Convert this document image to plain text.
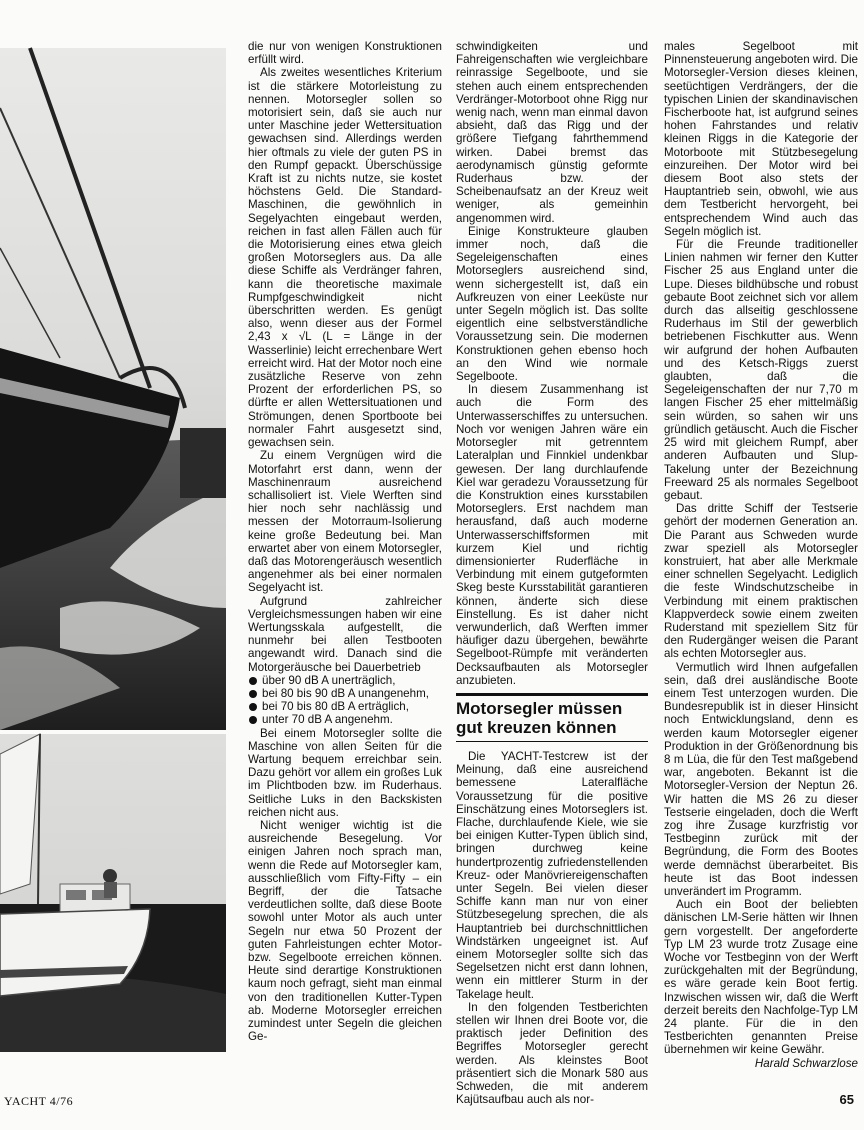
die nur von wenigen Konstruktionen erfüllt wird.

Als zweites wesentliches Kriterium ist die stärkere Motorleistung zu nennen. Motorsegler sollen so motorisiert sein, daß sie auch nur unter Maschine jeder Wettersituation gewachsen sind. Allerdings werden hier oftmals zu viele der guten PS in den Rumpf gepackt. Überschüssige Kraft ist zu nichts nutze, sie kostet höchstens Geld. Die Standard-Maschinen, die gewöhnlich in Segelyachten eingebaut werden, reichen in fast allen Fällen auch für die Motorisierung eines etwa gleich großen Motorseglers aus. Da alle diese Schiffe als Verdränger fahren, kann die theoretische maximale Rumpfgeschwindigkeit nicht überschritten werden. Es genügt also, wenn dieser aus der Formel 2,43 x √L (L = Länge in der Wasserlinie) leicht errechenbare Wert erreicht wird. Hat der Motor noch eine zusätzliche Reserve von zehn Prozent der erforderlichen PS, so dürfte er allen Wettersituationen und Strömungen, denen Sportboote bei normaler Fahrt ausgesetzt sind, gewachsen sein.

Zu einem Vergnügen wird die Motorfahrt erst dann, wenn der Maschinenraum ausreichend schallisoliert ist. Viele Werften sind hier noch sehr nachlässig und messen der Motorraum-Isolierung keine große Bedeutung bei. Man erwartet aber von einem Motorsegler, daß das Motorengeräusch wesentlich angenehmer als bei einer normalen Segelyacht ist.

Aufgrund zahlreicher Vergleichsmessungen haben wir eine Wertungsskala aufgestellt, die nunmehr bei allen Testbooten angewandt wird. Danach sind die Motorgeräusche bei Dauerbetrieb

über 90 dB A unerträglich,
bei 80 bis 90 dB A unangenehm,
bei 70 bis 80 dB A erträglich,
unter 70 dB A angenehm.

Bei einem Motorsegler sollte die Maschine von allen Seiten für die Wartung bequem erreichbar sein. Dazu gehört vor allem ein großes Luk im Plichtboden bzw. im Ruderhaus. Seitliche Luks in den Backskisten reichen nicht aus.

Nicht weniger wichtig ist die ausreichende Besegelung. Vor einigen Jahren noch sprach man, wenn die Rede auf Motorsegler kam, ausschließlich vom Fifty-Fifty – ein Begriff, der die Tatsache verdeutlichen sollte, daß diese Boote sowohl unter Motor als auch unter Segeln nur etwa 50 Prozent der guten Fahrleistungen echter Motor- bzw. Segelboote erreichen können. Heute sind derartige Konstruktionen kaum noch gefragt, sieht man einmal von den traditionellen Kutter-Typen ab. Moderne Motorsegler erreichen zumindest unter Segeln die gleichen Ge-

schwindigkeiten und Fahreigenschaften wie vergleichbare reinrassige Segelboote, und sie stehen auch einem entsprechenden Verdränger-Motorboot ohne Rigg nur wenig nach, wenn man einmal davon absieht, daß das Rigg und der größere Tiefgang fahrthemmend wirken. Dabei bremst das aerodynamisch günstig geformte Ruderhaus bzw. der Scheibenaufsatz an der Kreuz weit weniger, als gemeinhin angenommen wird.

Einige Konstrukteure glauben immer noch, daß die Segeleigenschaften eines Motorseglers ausreichend sind, wenn sichergestellt ist, daß ein Aufkreuzen von einer Leeküste nur unter Segeln möglich ist. Das sollte eigentlich eine selbstverständliche Voraussetzung sein. Die modernen Konstruktionen gehen ebenso hoch an den Wind wie normale Segelboote.

In diesem Zusammenhang ist auch die Form des Unterwasserschiffes zu untersuchen. Noch vor wenigen Jahren wäre ein Motorsegler mit getrenntem Lateralplan und Finnkiel undenkbar gewesen. Der lang durchlaufende Kiel war geradezu Voraussetzung für die Konstruktion eines kursstabilen Motorseglers. Erst nachdem man herausfand, daß auch moderne Unterwasserschiffsformen mit kurzem Kiel und richtig dimensionierter Ruderfläche in Verbindung mit einem gutgeformten Skeg beste Kursstabilität garantieren können, änderte sich diese Einstellung. Es ist daher nicht verwunderlich, daß Werften immer häufiger dazu übergehen, bewährte Segelboot-Rümpfe mit veränderten Decksaufbauten als Motorsegler anzubieten.

Motorsegler müssen gut kreuzen können

Die YACHT-Testcrew ist der Meinung, daß eine ausreichend bemessene Lateralfläche Voraussetzung für die positive Einschätzung eines Motorseglers ist. Flache, durchlaufende Kiele, wie sie bei einigen Kutter-Typen üblich sind, bringen durchweg keine hundertprozentig zufriedenstellenden Kreuz- oder Manövriereigenschaften unter Segeln. Bei vielen dieser Schiffe kann man nur von einer Stützbesegelung sprechen, die als Hauptantrieb bei durchschnittlichen Windstärken ungeeignet ist. Auf einem Motorsegler sollte sich das Segelsetzen nicht erst dann lohnen, wenn ein mittlerer Sturm in der Takelage heult.

In den folgenden Testberichten stellen wir Ihnen drei Boote vor, die praktisch jeder Definition des Begriffes Motorsegler gerecht werden. Als kleinstes Boot präsentiert sich die Monark 580 aus Schweden, die mit anderem Kajütsaufbau auch als nor-

males Segelboot mit Pinnensteuerung angeboten wird. Die Motorsegler-Version dieses kleinen, seetüchtigen Verdrängers, der die typischen Linien der skandinavischen Fischerboote hat, ist aufgrund seines hohen Fahrstandes und relativ kleinen Riggs in die Kategorie der Motorboote mit Stützbesegelung einzureihen. Der Motor wird bei diesem Boot also stets der Hauptantrieb sein, obwohl, wie aus dem Testbericht hervorgeht, bei entsprechendem Wind auch das Segeln möglich ist.

Für die Freunde traditioneller Linien nahmen wir ferner den Kutter Fischer 25 aus England unter die Lupe. Dieses bildhübsche und robust gebaute Boot zeichnet sich vor allem durch das allseitig geschlossene Ruderhaus im Stil der gewerblich betriebenen Fischkutter aus. Wenn wir aufgrund der hohen Aufbauten und des Ketsch-Riggs zuerst glaubten, daß die Segeleigenschaften der nur 7,70 m langen Fischer 25 eher mittelmäßig sein würden, so sahen wir uns gründlich getäuscht. Auch die Fischer 25 wird mit gleichem Rumpf, aber anderen Aufbauten und Slup-Takelung unter der Bezeichnung Freeward 25 als normales Segelboot gebaut.

Das dritte Schiff der Testserie gehört der modernen Generation an. Die Parant aus Schweden wurde zwar speziell als Motorsegler konstruiert, hat aber alle Merkmale einer schnellen Segelyacht. Lediglich die feste Windschutzscheibe in Verbindung mit einem praktischen Klappverdeck sowie einem zweiten Ruderstand mit speziellem Sitz für den Rudergänger weisen die Parant als echten Motorsegler aus.

Vermutlich wird Ihnen aufgefallen sein, daß drei ausländische Boote einem Test unterzogen wurden. Die Bundesrepublik ist in dieser Hinsicht noch Entwicklungsland, denn es werden kaum Motorsegler eigener Produktion in der Größenordnung bis 8 m Lüa, die für den Test maßgebend war, angeboten. Bekannt ist die Motorsegler-Version der Neptun 26. Wir hatten die MS 26 zu dieser Testserie eingeladen, doch die Werft zog ihre Zusage kurzfristig vor Testbeginn zurück mit der Begründung, die Form des Bootes werde demnächst überarbeitet. Bis heute ist das Boot indessen unverändert im Programm.

Auch ein Boot der beliebten dänischen LM-Serie hätten wir Ihnen gern vorgestellt. Der angeforderte Typ LM 23 wurde trotz Zusage eine Woche vor Testbeginn von der Werft zurückgehalten mit der Begründung, es wäre gerade kein Boot fertig. Inzwischen wissen wir, daß die Werft derzeit bereits den Nachfolge-Typ LM 24 plante. Für die in den Testberichten genannten Preise übernehmen wir keine Gewähr.

Harald Schwarzlose
YACHT 4/76	65
